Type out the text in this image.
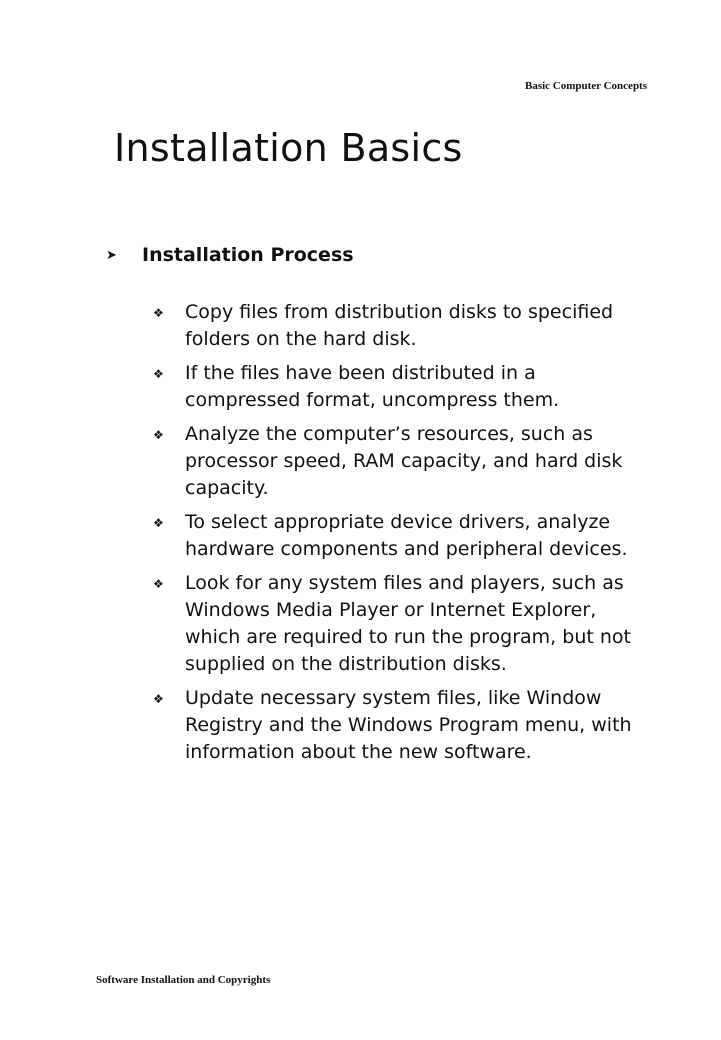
Basic Computer Concepts
Installation Basics
➤ Installation Process
❖	Copy files from distribution disks to specified folders on the hard disk.
❖	If the files have been distributed in a compressed format, uncompress them.
❖	Analyze the computer’s resources, such as processor speed, RAM capacity, and hard disk capacity.
❖	To select appropriate device drivers, analyze hardware components and peripheral devices.
❖	Look for any system files and players, such as Windows Media Player or Internet Explorer, which are required to run the program, but not supplied on the distribution disks.
❖	Update necessary system files, like Window Registry and the Windows Program menu, with information about the new software.
Software Installation and Copyrights
